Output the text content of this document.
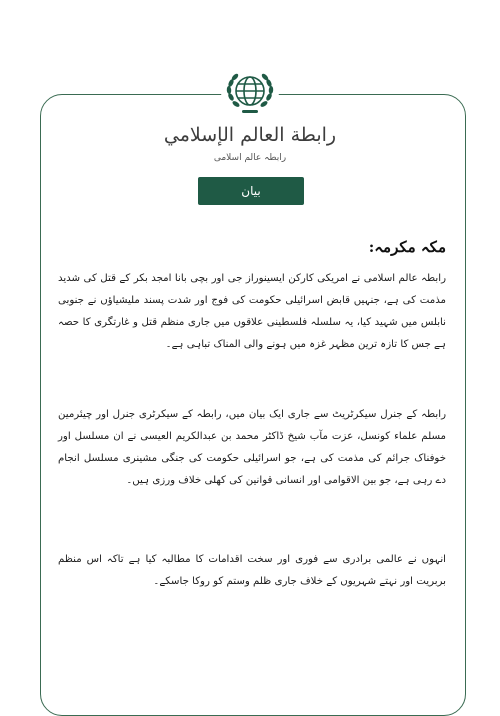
رابطة العالم الإسلامي
رابطہ عالم اسلامی
بیان
مکہ مکرمہ:
رابطہ عالم اسلامی نے امریکی کارکن ایسینوراز جی اور بچی بانا امجد بکر کے قتل کی شدید مذمت کی ہے، جنہیں قابض اسرائیلی حکومت کی فوج اور شدت پسند ملیشیاؤں نے جنوبی نابلس میں شہید کیا، یہ سلسلہ فلسطینی علاقوں میں جاری منظم قتل و غارتگری کا حصہ ہے جس کا تازہ ترین مظہر غزہ میں ہونے والی المناک تباہی ہے۔
رابطہ کے جنرل سیکرٹریٹ سے جاری ایک بیان میں، رابطہ کے سیکرٹری جنرل اور چیئرمین مسلم علماء کونسل، عزت مآب شیخ ڈاکٹر محمد بن عبدالکریم العیسی نے ان مسلسل اور خوفناک جرائم کی مذمت کی ہے، جو اسرائیلی حکومت کی جنگی مشینری مسلسل انجام دے رہی ہے، جو بین الاقوامی اور انسانی قوانین کی کھلی خلاف ورزی ہیں۔
انہوں نے عالمی برادری سے فوری اور سخت اقدامات کا مطالبہ کیا ہے تاکہ اس منظم بربریت اور نہتے شہریوں کے خلاف جاری ظلم وستم کو روکا جاسکے۔
